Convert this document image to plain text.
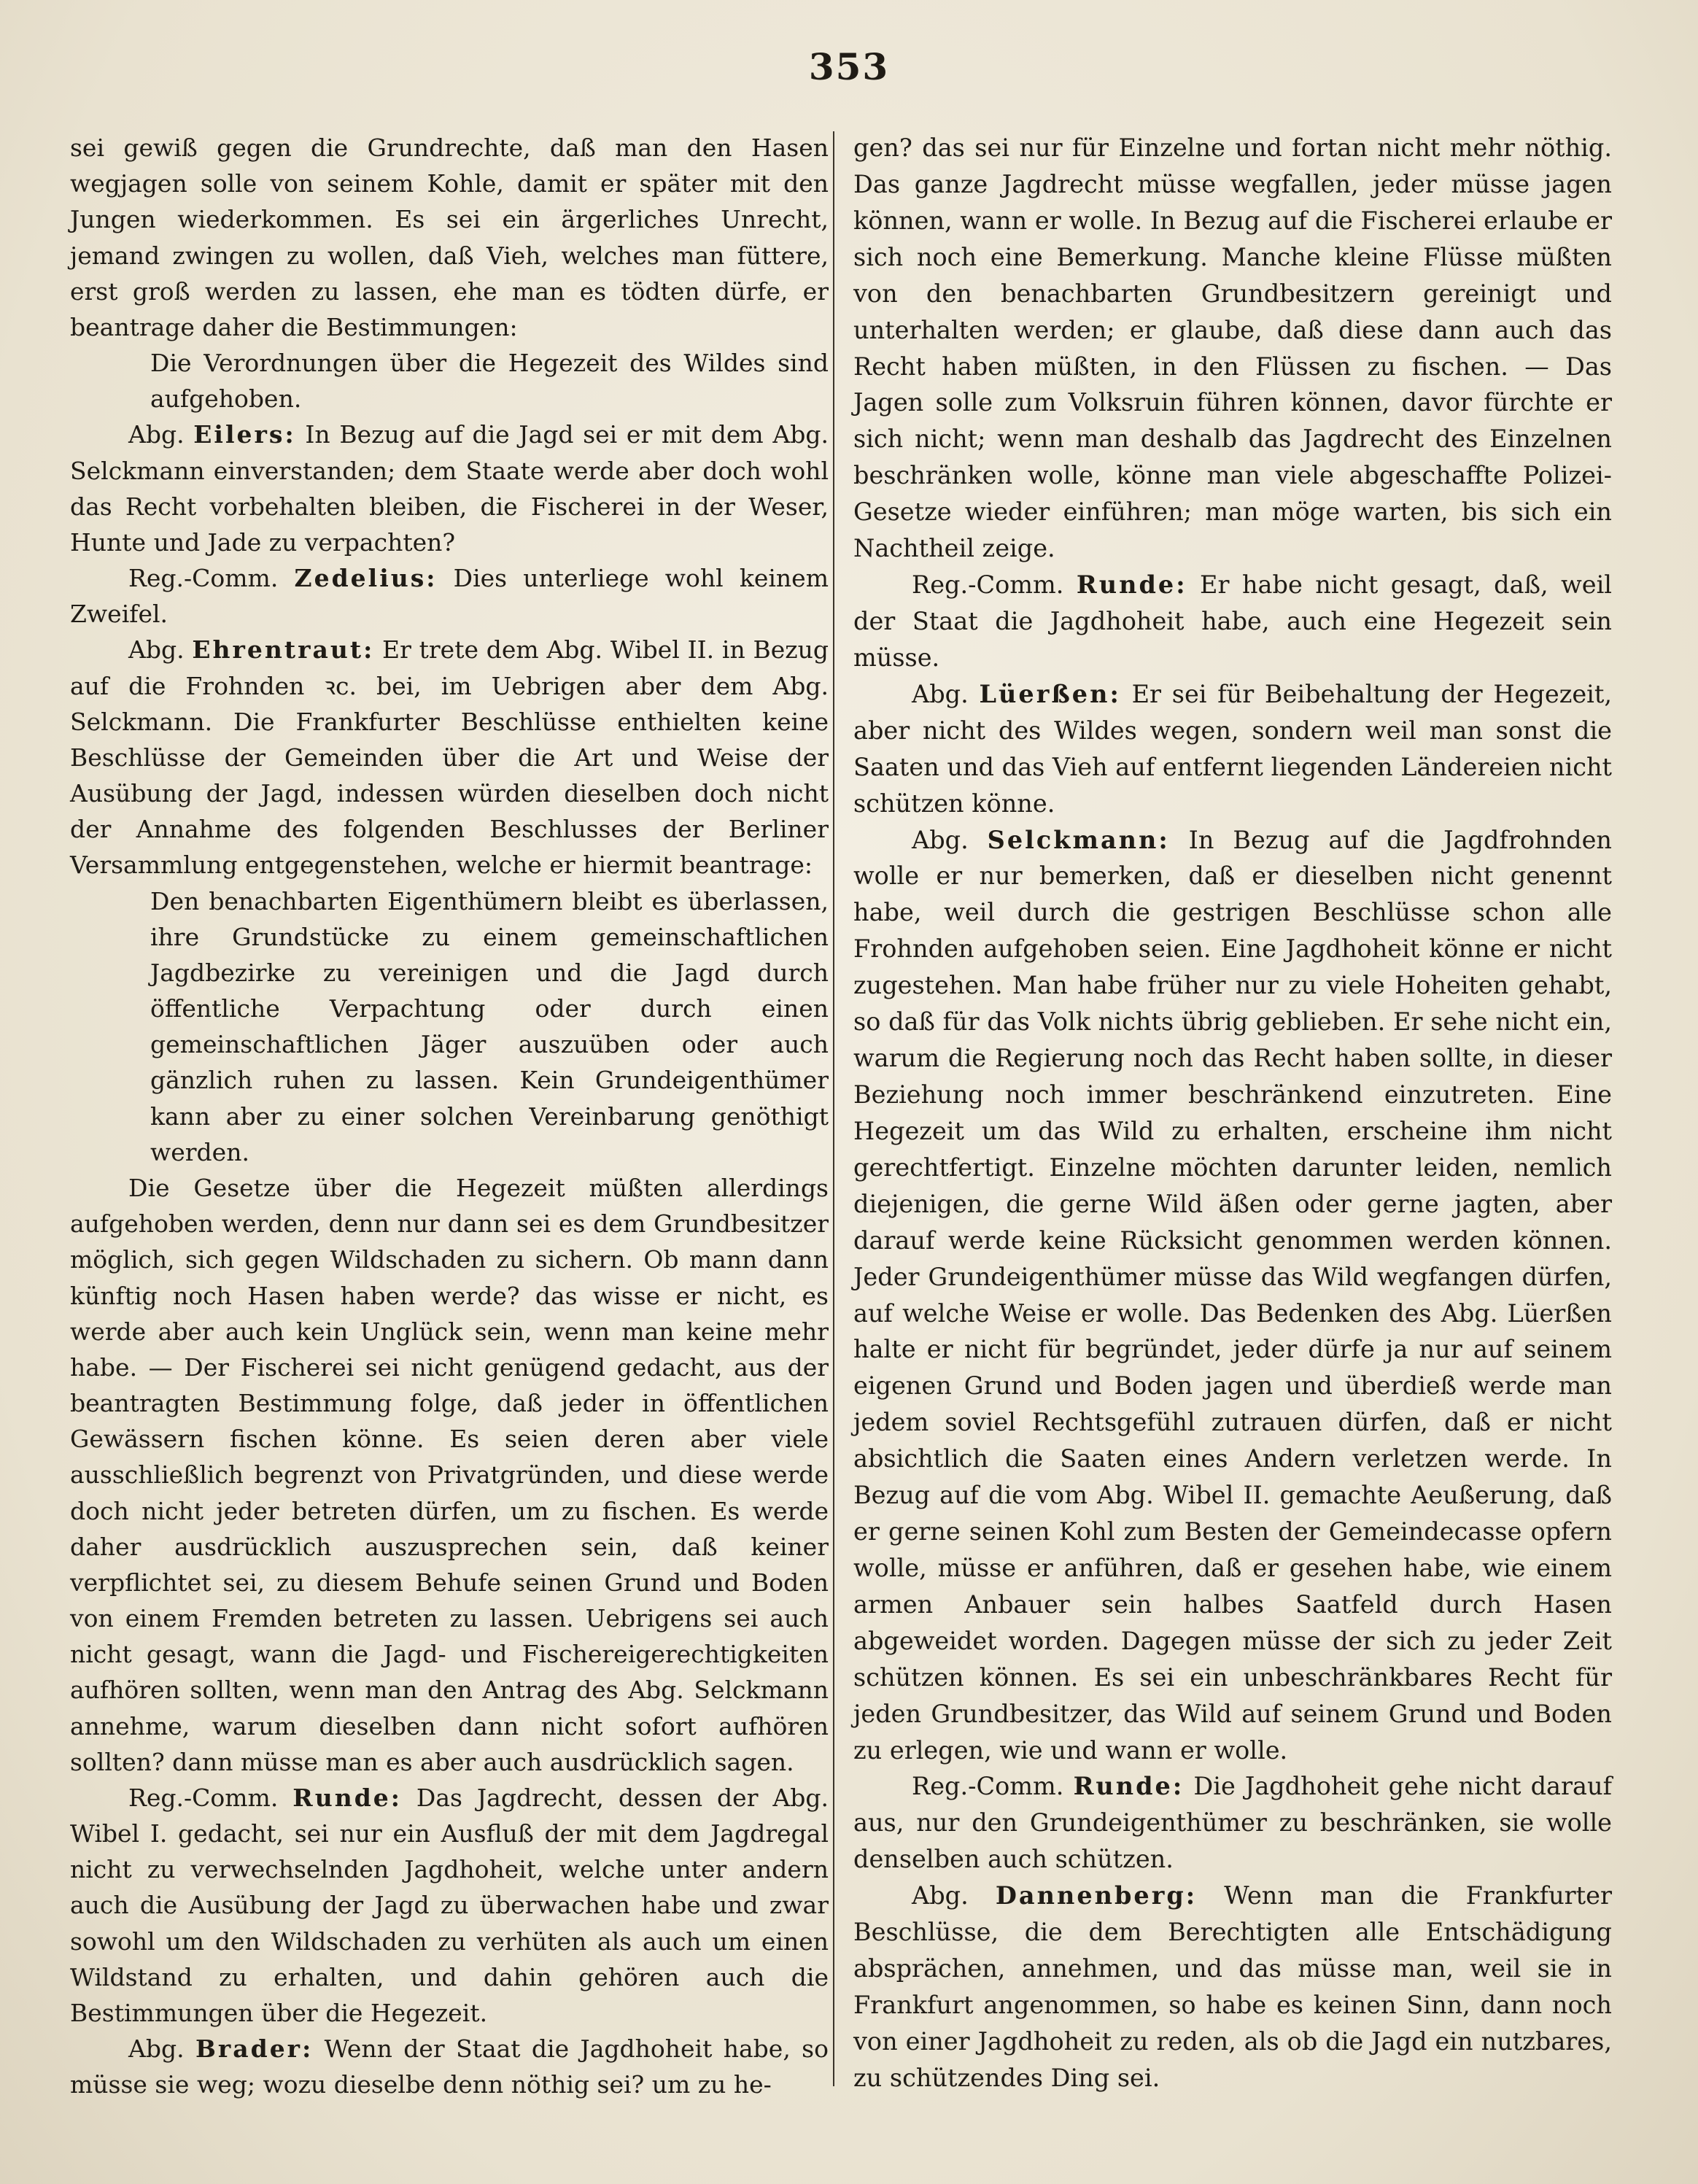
353

sei gewiß gegen die Grundrechte, daß man den Hasen wegjagen solle von seinem Kohle, damit er später mit den Jungen wiederkommen. Es sei ein ärgerliches Unrecht, jemand zwingen zu wollen, daß Vieh, welches man füttere, erst groß werden zu lassen, ehe man es tödten dürfe, er beantrage daher die Bestimmungen:

Die Verordnungen über die Hegezeit des Wildes sind aufgehoben.

Abg. Eilers: In Bezug auf die Jagd sei er mit dem Abg. Selckmann einverstanden; dem Staate werde aber doch wohl das Recht vorbehalten bleiben, die Fischerei in der Weser, Hunte und Jade zu verpachten?

Reg.-Comm. Zedelius: Dies unterliege wohl keinem Zweifel.

Abg. Ehrentraut: Er trete dem Abg. Wibel II. in Bezug auf die Frohnden ꝛc. bei, im Uebrigen aber dem Abg. Selckmann. Die Frankfurter Beschlüsse enthielten keine Beschlüsse der Gemeinden über die Art und Weise der Ausübung der Jagd, indessen würden dieselben doch nicht der Annahme des folgenden Beschlusses der Berliner Versammlung entgegenstehen, welche er hiermit beantrage:

Den benachbarten Eigenthümern bleibt es überlassen, ihre Grundstücke zu einem gemeinschaftlichen Jagdbezirke zu vereinigen und die Jagd durch öffentliche Verpachtung oder durch einen gemeinschaftlichen Jäger auszuüben oder auch gänzlich ruhen zu lassen. Kein Grundeigenthümer kann aber zu einer solchen Vereinbarung genöthigt werden.

Die Gesetze über die Hegezeit müßten allerdings aufgehoben werden, denn nur dann sei es dem Grundbesitzer möglich, sich gegen Wildschaden zu sichern. Ob mann dann künftig noch Hasen haben werde? das wisse er nicht, es werde aber auch kein Unglück sein, wenn man keine mehr habe. — Der Fischerei sei nicht genügend gedacht, aus der beantragten Bestimmung folge, daß jeder in öffentlichen Gewässern fischen könne. Es seien deren aber viele ausschließlich begrenzt von Privatgründen, und diese werde doch nicht jeder betreten dürfen, um zu fischen. Es werde daher ausdrücklich auszusprechen sein, daß keiner verpflichtet sei, zu diesem Behufe seinen Grund und Boden von einem Fremden betreten zu lassen. Uebrigens sei auch nicht gesagt, wann die Jagd- und Fischereigerechtigkeiten aufhören sollten, wenn man den Antrag des Abg. Selckmann annehme, warum dieselben dann nicht sofort aufhören sollten? dann müsse man es aber auch ausdrücklich sagen.

Reg.-Comm. Runde: Das Jagdrecht, dessen der Abg. Wibel I. gedacht, sei nur ein Ausfluß der mit dem Jagdregal nicht zu verwechselnden Jagdhoheit, welche unter andern auch die Ausübung der Jagd zu überwachen habe und zwar sowohl um den Wildschaden zu verhüten als auch um einen Wildstand zu erhalten, und dahin gehören auch die Bestimmungen über die Hegezeit.

Abg. Brader: Wenn der Staat die Jagdhoheit habe, so müsse sie weg; wozu dieselbe denn nöthig sei? um zu he-

gen? das sei nur für Einzelne und fortan nicht mehr nöthig. Das ganze Jagdrecht müsse wegfallen, jeder müsse jagen können, wann er wolle. In Bezug auf die Fischerei erlaube er sich noch eine Bemerkung. Manche kleine Flüsse müßten von den benachbarten Grundbesitzern gereinigt und unterhalten werden; er glaube, daß diese dann auch das Recht haben müßten, in den Flüssen zu fischen. — Das Jagen solle zum Volksruin führen können, davor fürchte er sich nicht; wenn man deshalb das Jagdrecht des Einzelnen beschränken wolle, könne man viele abgeschaffte Polizei-Gesetze wieder einführen; man möge warten, bis sich ein Nachtheil zeige.

Reg.-Comm. Runde: Er habe nicht gesagt, daß, weil der Staat die Jagdhoheit habe, auch eine Hegezeit sein müsse.

Abg. Lüerßen: Er sei für Beibehaltung der Hegezeit, aber nicht des Wildes wegen, sondern weil man sonst die Saaten und das Vieh auf entfernt liegenden Ländereien nicht schützen könne.

Abg. Selckmann: In Bezug auf die Jagdfrohnden wolle er nur bemerken, daß er dieselben nicht genennt habe, weil durch die gestrigen Beschlüsse schon alle Frohnden aufgehoben seien. Eine Jagdhoheit könne er nicht zugestehen. Man habe früher nur zu viele Hoheiten gehabt, so daß für das Volk nichts übrig geblieben. Er sehe nicht ein, warum die Regierung noch das Recht haben sollte, in dieser Beziehung noch immer beschränkend einzutreten. Eine Hegezeit um das Wild zu erhalten, erscheine ihm nicht gerechtfertigt. Einzelne möchten darunter leiden, nemlich diejenigen, die gerne Wild äßen oder gerne jagten, aber darauf werde keine Rücksicht genommen werden können. Jeder Grundeigenthümer müsse das Wild wegfangen dürfen, auf welche Weise er wolle. Das Bedenken des Abg. Lüerßen halte er nicht für begründet, jeder dürfe ja nur auf seinem eigenen Grund und Boden jagen und überdieß werde man jedem soviel Rechtsgefühl zutrauen dürfen, daß er nicht absichtlich die Saaten eines Andern verletzen werde. In Bezug auf die vom Abg. Wibel II. gemachte Aeußerung, daß er gerne seinen Kohl zum Besten der Gemeindecasse opfern wolle, müsse er anführen, daß er gesehen habe, wie einem armen Anbauer sein halbes Saatfeld durch Hasen abgeweidet worden. Dagegen müsse der sich zu jeder Zeit schützen können. Es sei ein unbeschränkbares Recht für jeden Grundbesitzer, das Wild auf seinem Grund und Boden zu erlegen, wie und wann er wolle.

Reg.-Comm. Runde: Die Jagdhoheit gehe nicht darauf aus, nur den Grundeigenthümer zu beschränken, sie wolle denselben auch schützen.

Abg. Dannenberg: Wenn man die Frankfurter Beschlüsse, die dem Berechtigten alle Entschädigung absprächen, annehmen, und das müsse man, weil sie in Frankfurt angenommen, so habe es keinen Sinn, dann noch von einer Jagdhoheit zu reden, als ob die Jagd ein nutzbares, zu schützendes Ding sei.
